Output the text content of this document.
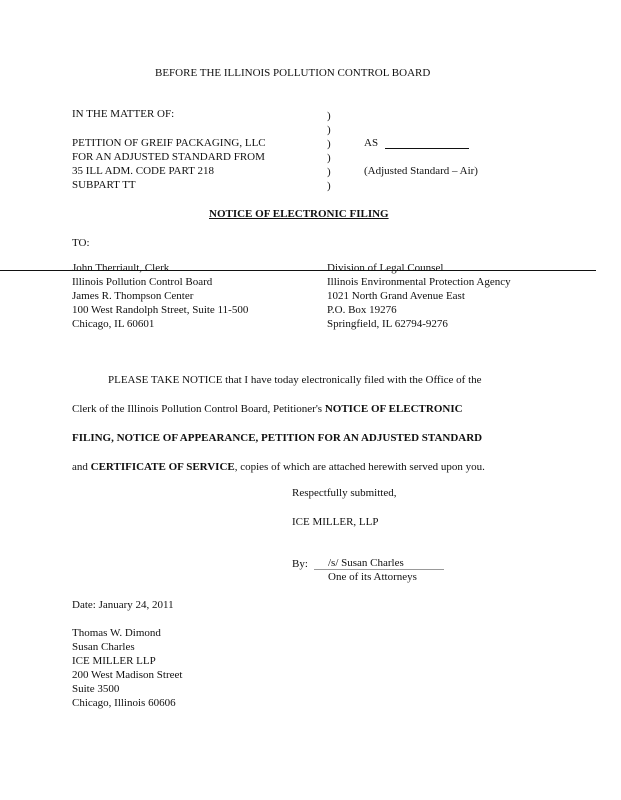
BEFORE THE ILLINOIS POLLUTION CONTROL BOARD
IN THE MATTER OF:
PETITION OF GREIF PACKAGING, LLC
FOR AN ADJUSTED STANDARD FROM
35 ILL ADM. CODE PART 218
SUBPART TT
)
)
)
)
)
)
AS
(Adjusted Standard – Air)
NOTICE OF ELECTRONIC FILING
TO:
John Therriault, Clerk
Illinois Pollution Control Board
James R. Thompson Center
100 West Randolph Street, Suite 11-500
Chicago, IL 60601
Division of Legal Counsel
Illinois Environmental Protection Agency
1021 North Grand Avenue East
P.O. Box 19276
Springfield, IL 62794-9276
PLEASE TAKE NOTICE that I have today electronically filed with the Office of the
Clerk of the Illinois Pollution Control Board, Petitioner's NOTICE OF ELECTRONIC
FILING, NOTICE OF APPEARANCE, PETITION FOR AN ADJUSTED STANDARD
and CERTIFICATE OF SERVICE, copies of which are attached herewith served upon you.
Respectfully submitted,
ICE MILLER, LLP
By: /s/ Susan Charles
One of its Attorneys
Date: January 24, 2011
Thomas W. Dimond
Susan Charles
ICE MILLER LLP
200 West Madison Street
Suite 3500
Chicago, Illinois 60606
